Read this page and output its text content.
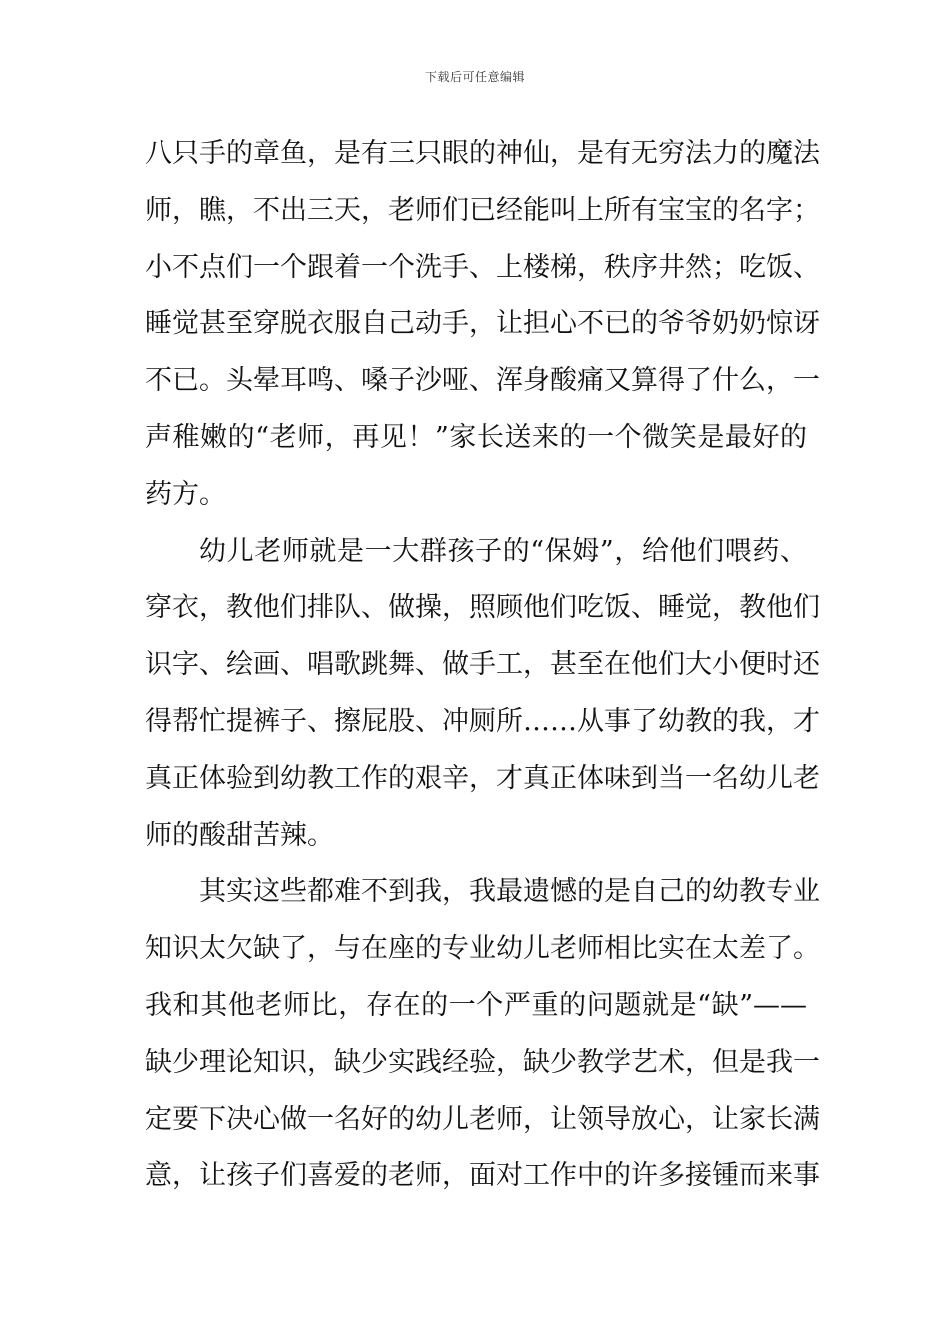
下载后可任意编辑
八只手的章鱼，是有三只眼的神仙，是有无穷法力的魔法
师，瞧，不出三天，老师们已经能叫上所有宝宝的名字；
小不点们一个跟着一个洗手、上楼梯，秩序井然；吃饭、
睡觉甚至穿脱衣服自己动手，让担心不已的爷爷奶奶惊讶
不已。头晕耳鸣、嗓子沙哑、浑身酸痛又算得了什么，一
声稚嫩的“老师，再见！”家长送来的一个微笑是最好的
药方。
幼儿老师就是一大群孩子的“保姆”，给他们喂药、
穿衣，教他们排队、做操，照顾他们吃饭、睡觉，教他们
识字、绘画、唱歌跳舞、做手工，甚至在他们大小便时还
得帮忙提裤子、擦屁股、冲厕所……从事了幼教的我，才
真正体验到幼教工作的艰辛，才真正体味到当一名幼儿老
师的酸甜苦辣。
其实这些都难不到我，我最遗憾的是自己的幼教专业
知识太欠缺了，与在座的专业幼儿老师相比实在太差了。
我和其他老师比，存在的一个严重的问题就是“缺”——
缺少理论知识，缺少实践经验，缺少教学艺术，但是我一
定要下决心做一名好的幼儿老师，让领导放心，让家长满
意，让孩子们喜爱的老师，面对工作中的许多接锺而来事
